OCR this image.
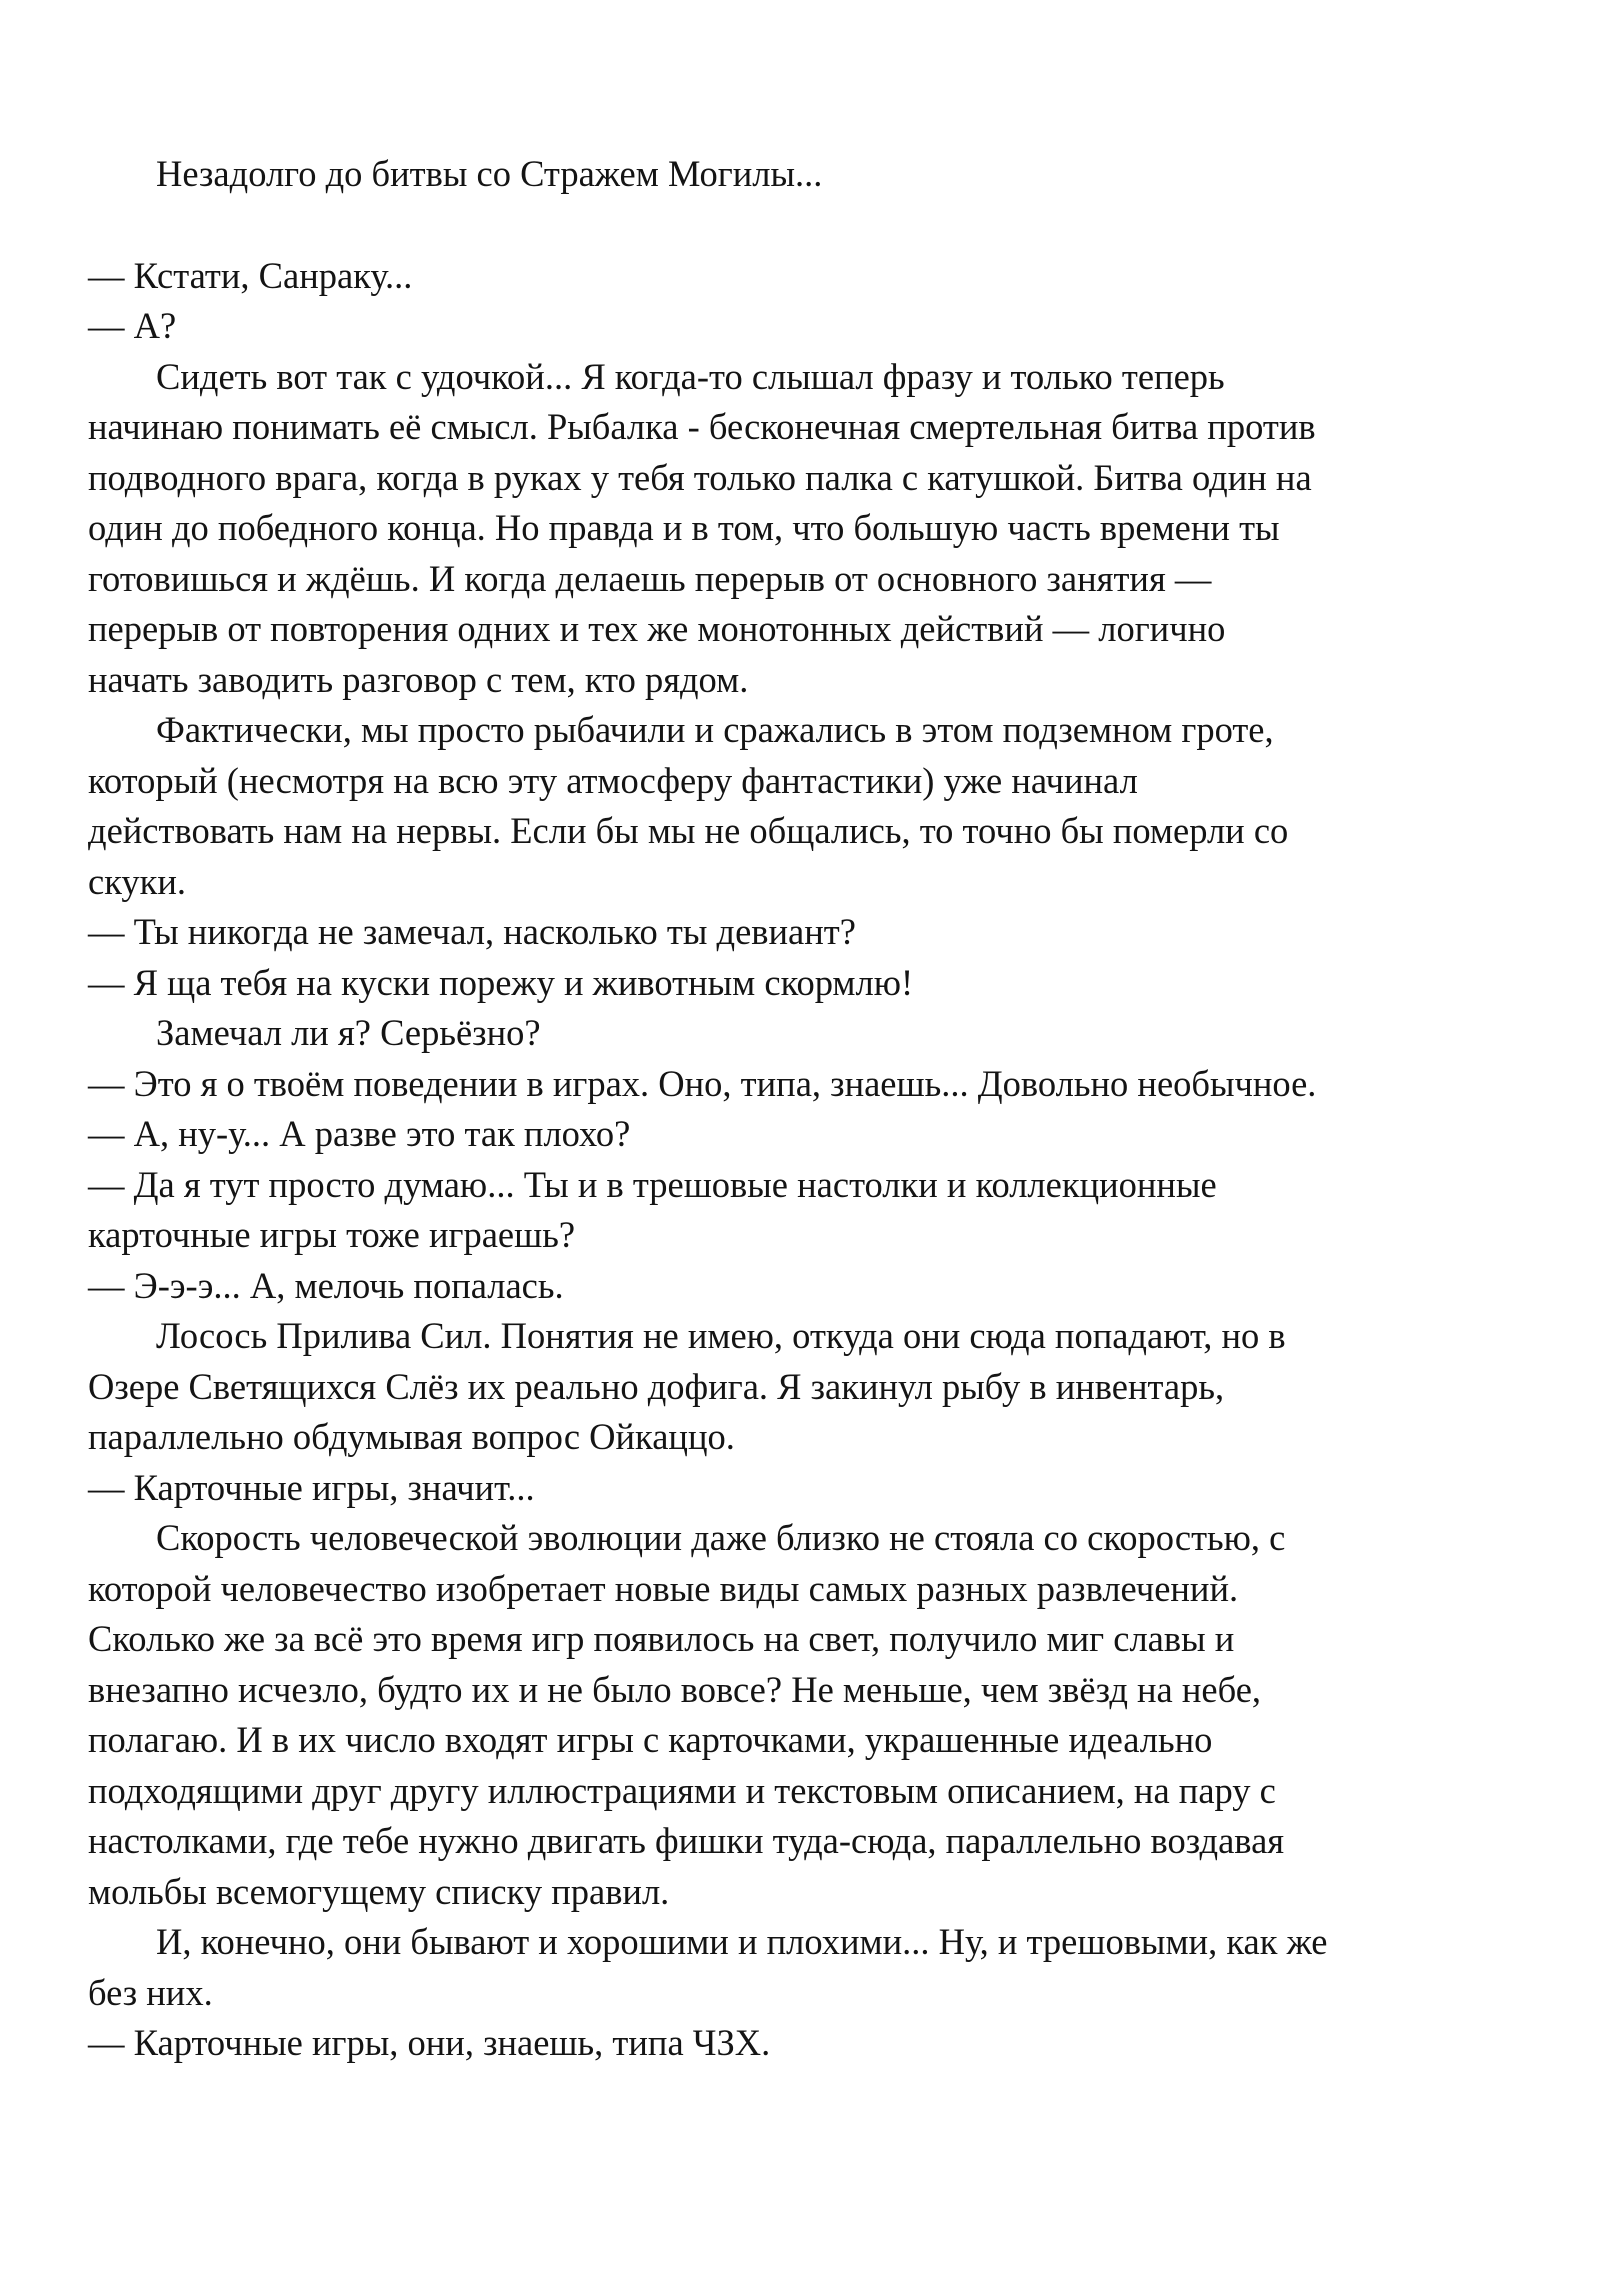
Незадолго до битвы со Стражем Могилы...
— Кстати, Санраку...
— А?
Сидеть вот так с удочкой... Я когда-то слышал фразу и только теперь
начинаю понимать её смысл. Рыбалка - бесконечная смертельная битва против
подводного врага, когда в руках у тебя только палка с катушкой. Битва один на
один до победного конца. Но правда и в том, что большую часть времени ты
готовишься и ждёшь. И когда делаешь перерыв от основного занятия —
перерыв от повторения одних и тех же монотонных действий — логично
начать заводить разговор с тем, кто рядом.
Фактически, мы просто рыбачили и сражались в этом подземном гроте,
который (несмотря на всю эту атмосферу фантастики) уже начинал
действовать нам на нервы. Если бы мы не общались, то точно бы померли со
скуки.
— Ты никогда не замечал, насколько ты девиант?
— Я ща тебя на куски порежу и животным скормлю!
Замечал ли я? Серьёзно?
— Это я о твоём поведении в играх. Оно, типа, знаешь... Довольно необычное.
— А, ну-у... А разве это так плохо?
— Да я тут просто думаю... Ты и в трешовые настолки и коллекционные
карточные игры тоже играешь?
— Э-э-э... А, мелочь попалась.
Лосось Прилива Сил. Понятия не имею, откуда они сюда попадают, но в
Озере Светящихся Слёз их реально дофига. Я закинул рыбу в инвентарь,
параллельно обдумывая вопрос Ойкаццо.
— Карточные игры, значит...
Скорость человеческой эволюции даже близко не стояла со скоростью, с
которой человечество изобретает новые виды самых разных развлечений.
Сколько же за всё это время игр появилось на свет, получило миг славы и
внезапно исчезло, будто их и не было вовсе? Не меньше, чем звёзд на небе,
полагаю. И в их число входят игры с карточками, украшенные идеально
подходящими друг другу иллюстрациями и текстовым описанием, на пару с
настолками, где тебе нужно двигать фишки туда-сюда, параллельно воздавая
мольбы всемогущему списку правил.
И, конечно, они бывают и хорошими и плохими... Ну, и трешовыми, как же
без них.
— Карточные игры, они, знаешь, типа ЧЗХ.
